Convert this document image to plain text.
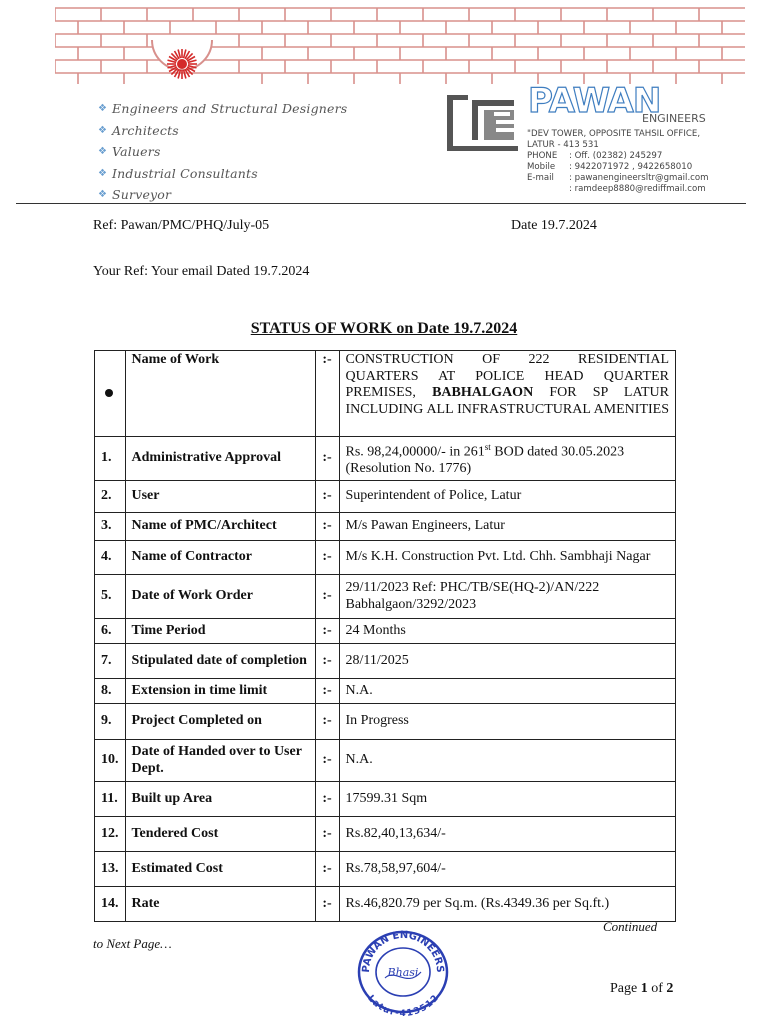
❖ Engineers and Structural Designers
❖ Architects
❖ Valuers
❖ Industrial Consultants
❖ Surveyor
PAWAN
ENGINEERS
"DEV TOWER, OPPOSITE TAHSIL OFFICE,
LATUR - 413 531
PHONE	: Off. (02382) 245297
Mobile	: 9422071972 , 9422658010
E-mail	: pawanengineersltr@gmail.com
: ramdeep8880@rediffmail.com
Ref: Pawan/PMC/PHQ/July-05	Date 19.7.2024
Your Ref: Your email Dated 19.7.2024
STATUS OF WORK on Date 19.7.2024
	Name of Work	:-	CONSTRUCTION OF 222 RESIDENTIAL QUARTERS AT POLICE HEAD QUARTER PREMISES, BABHALGAON FOR SP LATUR INCLUDING ALL INFRASTRUCTURAL AMENITIES

1.	Administrative Approval	:-	Rs. 98,24,00000/- in 261st BOD dated 30.05.2023
(Resolution No. 1776)
2.	User	:-	Superintendent of Police, Latur
3.	Name of PMC/Architect	:-	M/s Pawan Engineers, Latur
4.	Name of Contractor	:-	M/s K.H. Construction Pvt. Ltd. Chh. Sambhaji Nagar
5.	Date of Work Order	:-	29/11/2023 Ref: PHC/TB/SE(HQ-2)/AN/222 Babhalgaon/3292/2023
6.	Time Period	:-	24 Months
7.	Stipulated date of completion	:-	28/11/2025
8.	Extension in time limit	:-	N.A.
9.	Project Completed on	:-	In Progress
10.	Date of Handed over to User Dept.	:-	N.A.
11.	Built up Area	:-	17599.31 Sqm
12.	Tendered Cost	:-	Rs.82,40,13,634/-
13.	Estimated Cost	:-	Rs.78,58,97,604/-
14.	Rate	:-	Rs.46,820.79 per Sq.m. (Rs.4349.36 per Sq.ft.)
Continued
to Next Page…
PAWAN ENGINEERS
Latur-413512
Bhasi
Page 1 of 2
